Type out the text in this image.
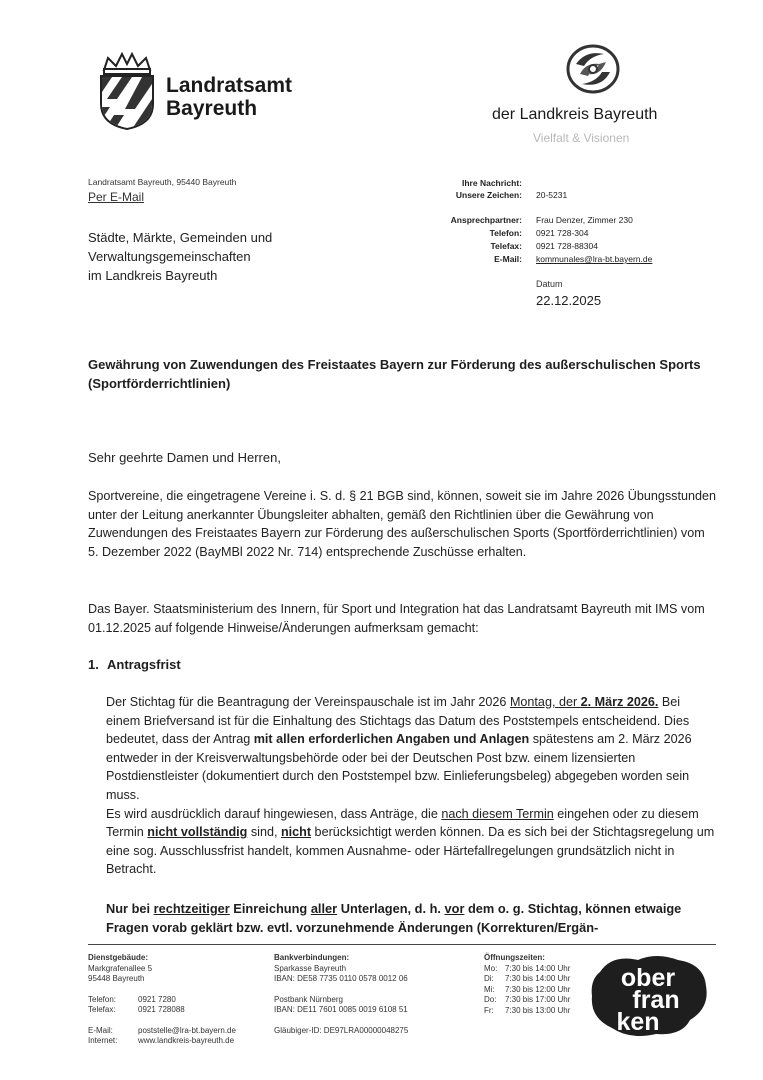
Landratsamt
Bayreuth	der Landkreis Bayreuth
Vielfalt & Visionen
Landratsamt Bayreuth, 95440 Bayreuth
Per E-Mail
Städte, Märkte, Gemeinden und
Verwaltungsgemeinschaften
im Landkreis Bayreuth
Ihre Nachricht:
Unsere Zeichen: 20-5231
Ansprechpartner: Frau Denzer, Zimmer 230
Telefon: 0921 728-304
Telefax: 0921 728-88304
E-Mail: kommunales@lra-bt.bayern.de
Datum
22.12.2025
Gewährung von Zuwendungen des Freistaates Bayern zur Förderung des außerschulischen Sports (Sportförderrichtlinien)
Sehr geehrte Damen und Herren,
Sportvereine, die eingetragene Vereine i. S. d. § 21 BGB sind, können, soweit sie im Jahre 2026 Übungsstunden unter der Leitung anerkannter Übungsleiter abhalten, gemäß den Richtlinien über die Gewährung von Zuwendungen des Freistaates Bayern zur Förderung des außerschulischen Sports (Sportförderrichtlinien) vom 5. Dezember 2022 (BayMBl 2022 Nr. 714) entsprechende Zuschüsse erhalten.
Das Bayer. Staatsministerium des Innern, für Sport und Integration hat das Landratsamt Bayreuth mit IMS vom 01.12.2025 auf folgende Hinweise/Änderungen aufmerksam gemacht:
1. Antragsfrist
Der Stichtag für die Beantragung der Vereinspauschale ist im Jahr 2026 Montag, der 2. März 2026. Bei einem Briefversand ist für die Einhaltung des Stichtags das Datum des Poststempels entscheidend. Dies bedeutet, dass der Antrag mit allen erforderlichen Angaben und Anlagen spätestens am 2. März 2026 entweder in der Kreisverwaltungsbehörde oder bei der Deutschen Post bzw. einem lizensierten Postdienstleister (dokumentiert durch den Poststempel bzw. Einlieferungsbeleg) abgegeben worden sein muss.
Es wird ausdrücklich darauf hingewiesen, dass Anträge, die nach diesem Termin eingehen oder zu diesem Termin nicht vollständig sind, nicht berücksichtigt werden können. Da es sich bei der Stichtagsregelung um eine sog. Ausschlussfrist handelt, kommen Ausnahme- oder Härtefallregelungen grundsätzlich nicht in Betracht.
Nur bei rechtzeitiger Einreichung aller Unterlagen, d. h. vor dem o. g. Stichtag, können etwaige Fragen vorab geklärt bzw. evtl. vorzunehmende Änderungen (Korrekturen/Ergän-
Dienstgebäude:
Markgrafenallee 5
95448 Bayreuth
Telefon:	0921 7280
Telefax:	0921 728088
E-Mail:	poststelle@lra-bt.bayern.de
Internet:	www.landkreis-bayreuth.de
Bankverbindungen:
Sparkasse Bayreuth
IBAN: DE58 7735 0110 0578 0012 06
Postbank Nürnberg
IBAN: DE11 7601 0085 0019 6108 51
Gläubiger-ID: DE97LRA00000048275
Öffnungszeiten:
Mo: 7:30 bis 14:00 Uhr
Di:	7:30 bis 14:00 Uhr
Mi:	7:30 bis 12:00 Uhr
Do:	7:30 bis 17:00 Uhr
Fr:	7:30 bis 13:00 Uhr
ober
fran
ken
